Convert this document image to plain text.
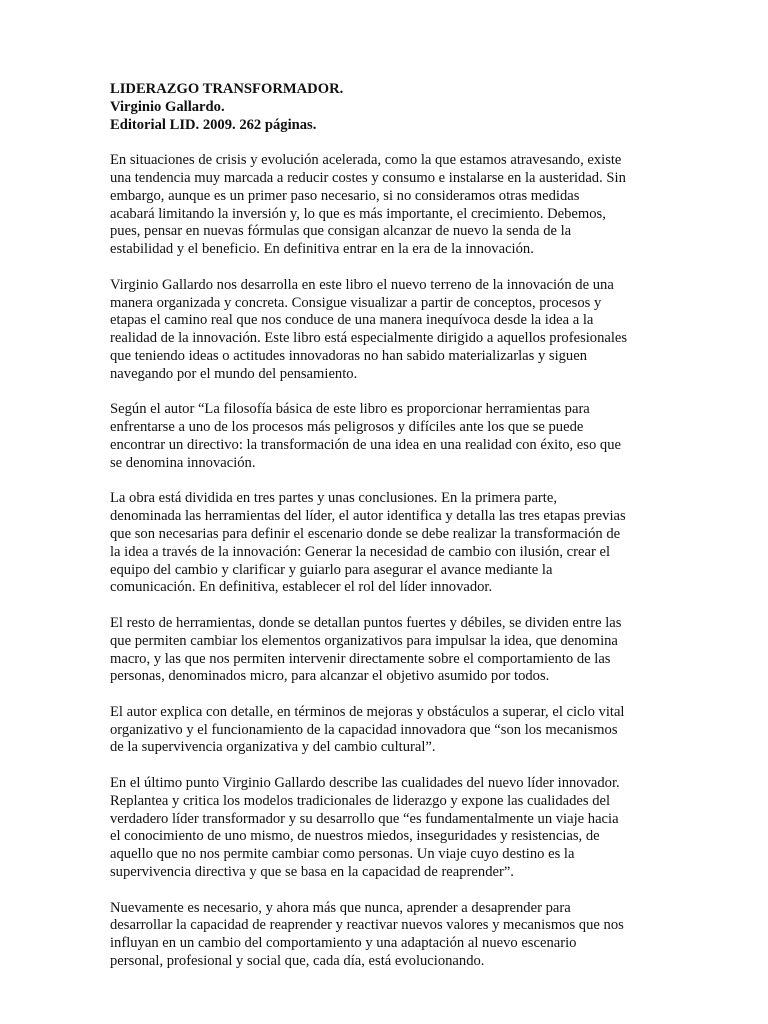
LIDERAZGO TRANSFORMADOR.

Virginio Gallardo.

Editorial LID. 2009. 262 páginas.

En situaciones de crisis y evolución acelerada, como la que estamos atravesando, existe
una tendencia muy marcada a reducir costes y consumo e instalarse en la austeridad. Sin
embargo, aunque es un primer paso necesario, si no consideramos otras medidas
acabará limitando la inversión y, lo que es más importante, el crecimiento. Debemos,
pues, pensar en nuevas fórmulas que consigan alcanzar de nuevo la senda de la
estabilidad y el beneficio. En definitiva entrar en la era de la innovación.

Virginio Gallardo nos desarrolla en este libro el nuevo terreno de la innovación de una
manera organizada y concreta. Consigue visualizar a partir de conceptos, procesos y
etapas el camino real que nos conduce de una manera inequívoca desde la idea a la
realidad de la innovación. Este libro está especialmente dirigido a aquellos profesionales
que teniendo ideas o actitudes innovadoras no han sabido materializarlas y siguen
navegando por el mundo del pensamiento.

Según el autor “La filosofía básica de este libro es proporcionar herramientas para
enfrentarse a uno de los procesos más peligrosos y difíciles ante los que se puede
encontrar un directivo: la transformación de una idea en una realidad con éxito, eso que
se denomina innovación.

La obra está dividida en tres partes y unas conclusiones. En la primera parte,
denominada las herramientas del líder, el autor identifica y detalla las tres etapas previas
que son necesarias para definir el escenario donde se debe realizar la transformación de
la idea a través de la innovación: Generar la necesidad de cambio con ilusión, crear el
equipo del cambio y clarificar y guiarlo para asegurar el avance mediante la
comunicación. En definitiva, establecer el rol del líder innovador.

El resto de herramientas, donde se detallan puntos fuertes y débiles, se dividen entre las
que permiten cambiar los elementos organizativos para impulsar la idea, que denomina
macro, y las que nos permiten intervenir directamente sobre el comportamiento de las
personas, denominados micro, para alcanzar el objetivo asumido por todos.

El autor explica con detalle, en términos de mejoras y obstáculos a superar, el ciclo vital
organizativo y el funcionamiento de la capacidad innovadora que “son los mecanismos
de la supervivencia organizativa y del cambio cultural”.

En el último punto Virginio Gallardo describe las cualidades del nuevo líder innovador.
Replantea y critica los modelos tradicionales de liderazgo y expone las cualidades del
verdadero líder transformador y su desarrollo que “es fundamentalmente un viaje hacia
el conocimiento de uno mismo, de nuestros miedos, inseguridades y resistencias, de
aquello que no nos permite cambiar como personas. Un viaje cuyo destino es la
supervivencia directiva y que se basa en la capacidad de reaprender”.

Nuevamente es necesario, y ahora más que nunca, aprender a desaprender para
desarrollar la capacidad de reaprender y reactivar nuevos valores y mecanismos que nos
influyan en un cambio del comportamiento y una adaptación al nuevo escenario
personal, profesional y social que, cada día, está evolucionando.
